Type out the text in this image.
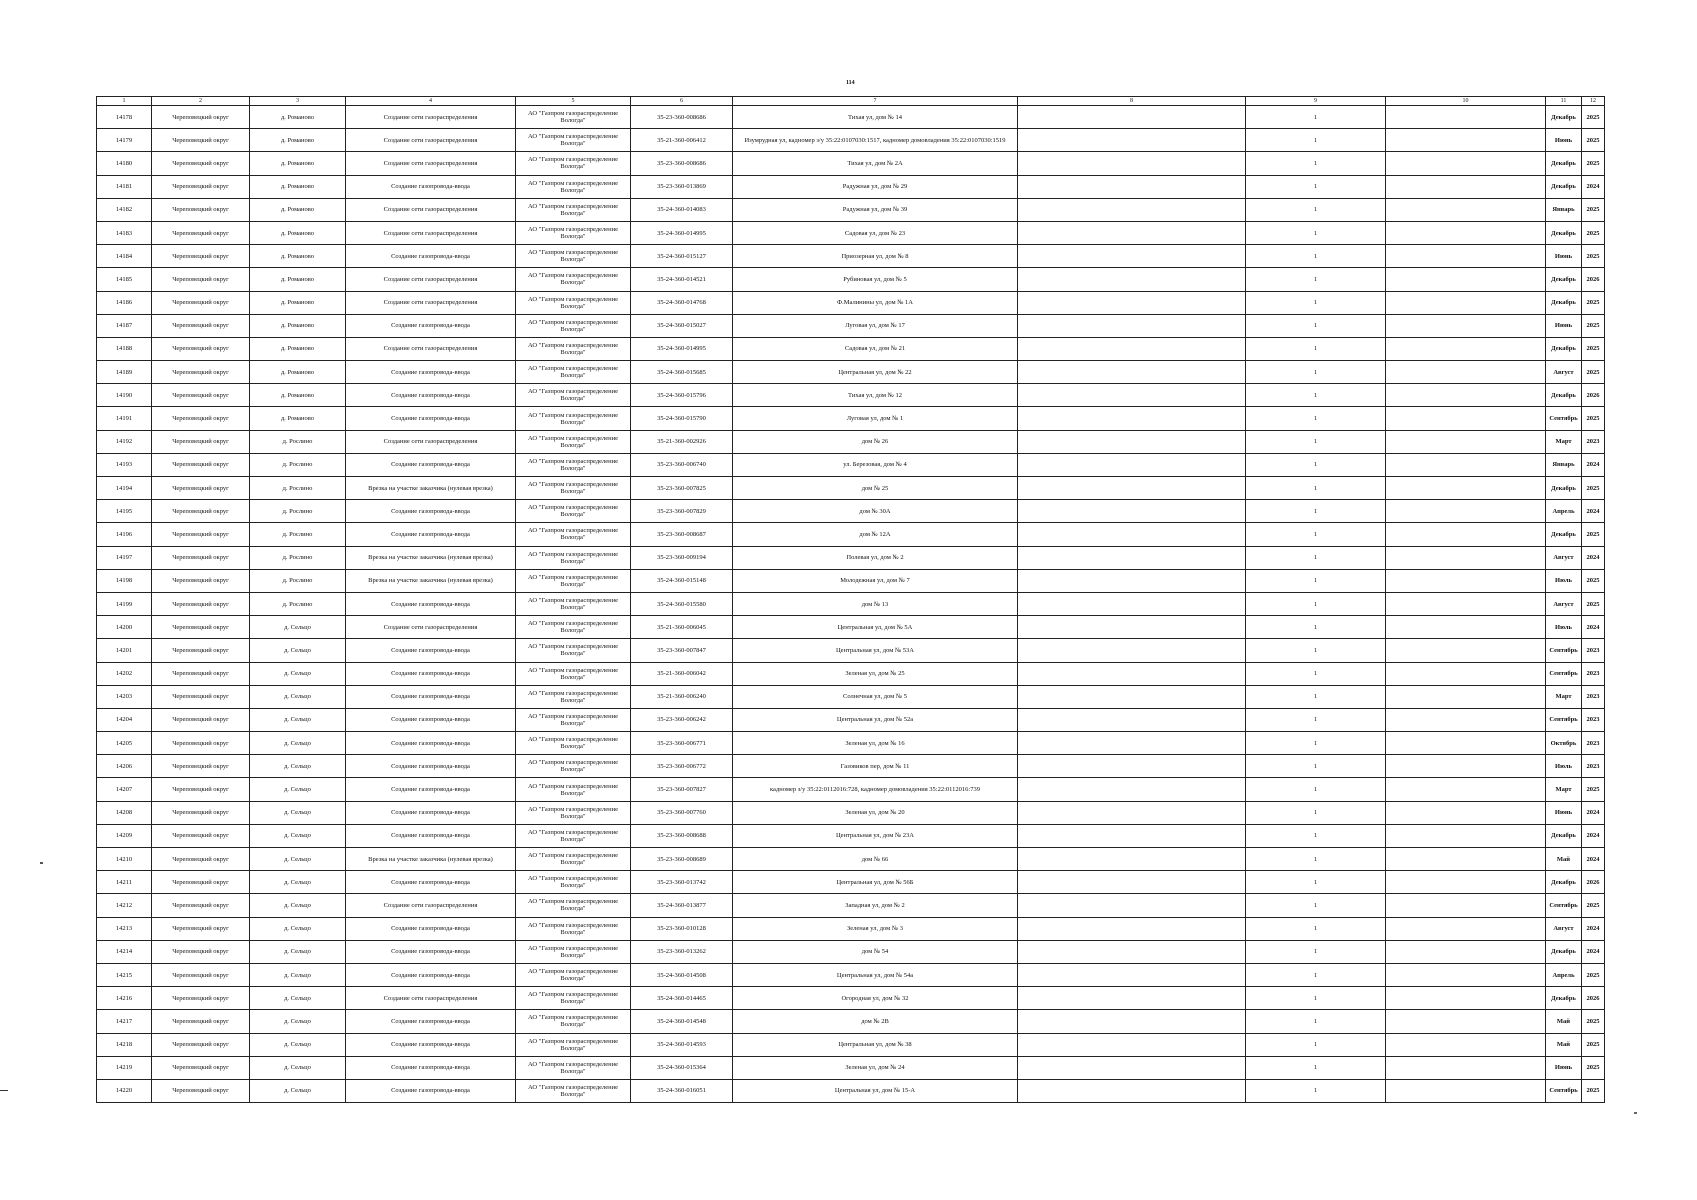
114
1	2	3	4	5	6	7	8	9	10	11	12
14178	Череповецкий округ	д. Романово	Создание сети газораспределения	АО "Газпром газораспределение Вологда"	35-23-360-008686	Тихая ул, дом № 14		1		Декабрь	2025
14179	Череповецкий округ	д. Романово	Создание сети газораспределения	АО "Газпром газораспределение Вологда"	35-21-360-006412	Изумрудная ул, кадномер з/у 35:22:0107030:1517, кадномер домовладения 35:22:0107030:1519		1		Июнь	2025
14180	Череповецкий округ	д. Романово	Создание сети газораспределения	АО "Газпром газораспределение Вологда"	35-23-360-008686	Тихая ул, дом № 2А		1		Декабрь	2025
14181	Череповецкий округ	д. Романово	Создание газопровода-ввода	АО "Газпром газораспределение Вологда"	35-23-360-013869	Радужная ул, дом № 29		1		Декабрь	2024
14182	Череповецкий округ	д. Романово	Создание сети газораспределения	АО "Газпром газораспределение Вологда"	35-24-360-014083	Радужная ул, дом № 39		1		Январь	2025
14183	Череповецкий округ	д. Романово	Создание сети газораспределения	АО "Газпром газораспределение Вологда"	35-24-360-014995	Садовая ул, дом № 23		1		Декабрь	2025
14184	Череповецкий округ	д. Романово	Создание газопровода-ввода	АО "Газпром газораспределение Вологда"	35-24-360-015127	Приозерная ул, дом № 8		1		Июнь	2025
14185	Череповецкий округ	д. Романово	Создание сети газораспределения	АО "Газпром газораспределение Вологда"	35-24-360-014521	Рубиновая ул, дом № 5		1		Декабрь	2026
14186	Череповецкий округ	д. Романово	Создание сети газораспределения	АО "Газпром газораспределение Вологда"	35-24-360-014768	Ф.Малинины ул, дом № 1А		1		Декабрь	2025
14187	Череповецкий округ	д. Романово	Создание газопровода-ввода	АО "Газпром газораспределение Вологда"	35-24-360-015027	Луговая ул, дом № 17		1		Июнь	2025
14188	Череповецкий округ	д. Романово	Создание сети газораспределения	АО "Газпром газораспределение Вологда"	35-24-360-014995	Садовая ул, дом № 21		1		Декабрь	2025
14189	Череповецкий округ	д. Романово	Создание газопровода-ввода	АО "Газпром газораспределение Вологда"	35-24-360-015685	Центральная ул, дом № 22		1		Август	2025
14190	Череповецкий округ	д. Романово	Создание газопровода-ввода	АО "Газпром газораспределение Вологда"	35-24-360-015796	Тихая ул, дом № 12		1		Декабрь	2026
14191	Череповецкий округ	д. Романово	Создание газопровода-ввода	АО "Газпром газораспределение Вологда"	35-24-360-015790	Луговая ул, дом № 1		1		Сентябрь	2025
14192	Череповецкий округ	д. Рослино	Создание сети газораспределения	АО "Газпром газораспределение Вологда"	35-21-360-002926	дом № 26		1		Март	2023
14193	Череповецкий округ	д. Рослино	Создание газопровода-ввода	АО "Газпром газораспределение Вологда"	35-23-360-006740	ул. Березовая, дом № 4		1		Январь	2024
14194	Череповецкий округ	д. Рослино	Врезка на участке заказчика (нулевая врезка)	АО "Газпром газораспределение Вологда"	35-23-360-007825	дом № 25		1		Декабрь	2025
14195	Череповецкий округ	д. Рослино	Создание газопровода-ввода	АО "Газпром газораспределение Вологда"	35-23-360-007829	дом № 30А		1		Апрель	2024
14196	Череповецкий округ	д. Рослино	Создание газопровода-ввода	АО "Газпром газораспределение Вологда"	35-23-360-008687	дом № 12А		1		Декабрь	2025
14197	Череповецкий округ	д. Рослино	Врезка на участке заказчика (нулевая врезка)	АО "Газпром газораспределение Вологда"	35-23-360-009194	Полевая ул, дом № 2		1		Август	2024
14198	Череповецкий округ	д. Рослино	Врезка на участке заказчика (нулевая врезка)	АО "Газпром газораспределение Вологда"	35-24-360-015148	Молодежная ул, дом № 7		1		Июль	2025
14199	Череповецкий округ	д. Рослино	Создание газопровода-ввода	АО "Газпром газораспределение Вологда"	35-24-360-015580	дом № 13		1		Август	2025
14200	Череповецкий округ	д. Сельцо	Создание сети газораспределения	АО "Газпром газораспределение Вологда"	35-21-360-006045	Центральная ул, дом № 5А		1		Июль	2024
14201	Череповецкий округ	д. Сельцо	Создание газопровода-ввода	АО "Газпром газораспределение Вологда"	35-23-360-007847	Центральная ул, дом № 53А		1		Сентябрь	2023
14202	Череповецкий округ	д. Сельцо	Создание газопровода-ввода	АО "Газпром газораспределение Вологда"	35-21-360-006042	Зеленая ул, дом № 25		1		Сентябрь	2023
14203	Череповецкий округ	д. Сельцо	Создание газопровода-ввода	АО "Газпром газораспределение Вологда"	35-21-360-006240	Солнечная ул, дом № 5		1		Март	2023
14204	Череповецкий округ	д. Сельцо	Создание газопровода-ввода	АО "Газпром газораспределение Вологда"	35-23-360-006242	Центральная ул, дом № 52а		1		Сентябрь	2023
14205	Череповецкий округ	д. Сельцо	Создание газопровода-ввода	АО "Газпром газораспределение Вологда"	35-23-360-006771	Зеленая ул, дом № 16		1		Октябрь	2023
14206	Череповецкий округ	д. Сельцо	Создание газопровода-ввода	АО "Газпром газораспределение Вологда"	35-23-360-006772	Газовиков пер, дом № 11		1		Июль	2023
14207	Череповецкий округ	д. Сельцо	Создание газопровода-ввода	АО "Газпром газораспределение Вологда"	35-23-360-007827	кадномер з/у 35:22:0112016:728, кадномер домовладения 35:22:0112016:739		1		Март	2025
14208	Череповецкий округ	д. Сельцо	Создание газопровода-ввода	АО "Газпром газораспределение Вологда"	35-23-360-007760	Зеленая ул, дом № 20		1		Июнь	2024
14209	Череповецкий округ	д. Сельцо	Создание газопровода-ввода	АО "Газпром газораспределение Вологда"	35-23-360-008688	Центральная ул, дом № 23А		1		Декабрь	2024
14210	Череповецкий округ	д. Сельцо	Врезка на участке заказчика (нулевая врезка)	АО "Газпром газораспределение Вологда"	35-23-360-008689	дом № 66		1		Май	2024
14211	Череповецкий округ	д. Сельцо	Создание газопровода-ввода	АО "Газпром газораспределение Вологда"	35-23-360-013742	Центральная ул, дом № 56Б		1		Декабрь	2026
14212	Череповецкий округ	д. Сельцо	Создание сети газораспределения	АО "Газпром газораспределение Вологда"	35-24-360-013877	Западная ул, дом № 2		1		Сентябрь	2025
14213	Череповецкий округ	д. Сельцо	Создание газопровода-ввода	АО "Газпром газораспределение Вологда"	35-23-360-010128	Зеленая ул, дом № 3		1		Август	2024
14214	Череповецкий округ	д. Сельцо	Создание газопровода-ввода	АО "Газпром газораспределение Вологда"	35-23-360-013262	дом № 54		1		Декабрь	2024
14215	Череповецкий округ	д. Сельцо	Создание газопровода-ввода	АО "Газпром газораспределение Вологда"	35-24-360-014508	Центральная ул, дом № 54а		1		Апрель	2025
14216	Череповецкий округ	д. Сельцо	Создание сети газораспределения	АО "Газпром газораспределение Вологда"	35-24-360-014465	Огородная ул, дом № 32		1		Декабрь	2026
14217	Череповецкий округ	д. Сельцо	Создание газопровода-ввода	АО "Газпром газораспределение Вологда"	35-24-360-014548	дом № 2В		1		Май	2025
14218	Череповецкий округ	д. Сельцо	Создание газопровода-ввода	АО "Газпром газораспределение Вологда"	35-24-360-014593	Центральная ул, дом № 38		1		Май	2025
14219	Череповецкий округ	д. Сельцо	Создание газопровода-ввода	АО "Газпром газораспределение Вологда"	35-24-360-015364	Зеленая ул, дом № 24		1		Июнь	2025
14220	Череповецкий округ	д. Сельцо	Создание газопровода-ввода	АО "Газпром газораспределение Вологда"	35-24-360-016051	Центральная ул, дом № 15-А		1		Сентябрь	2025
